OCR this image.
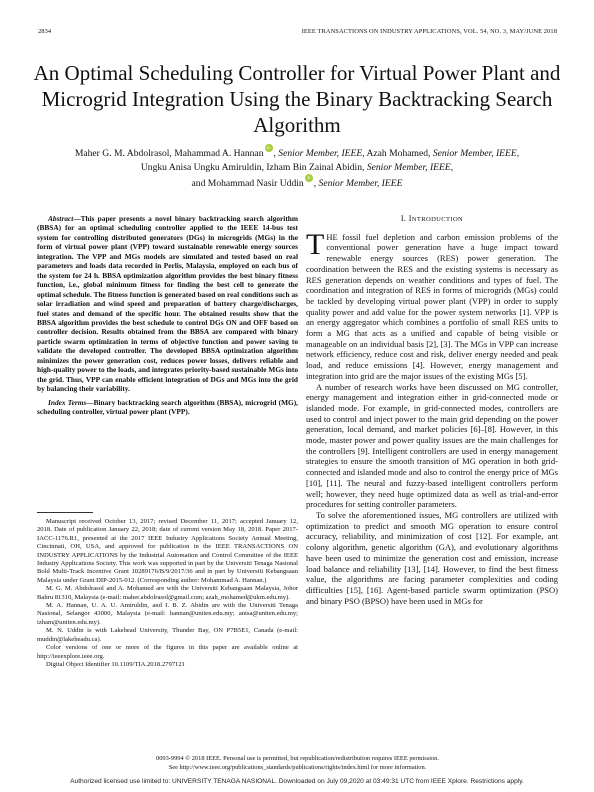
2834	IEEE TRANSACTIONS ON INDUSTRY APPLICATIONS, VOL. 54, NO. 3, MAY/JUNE 2018
An Optimal Scheduling Controller for Virtual Power Plant and Microgrid Integration Using the Binary Backtracking Search Algorithm
Maher G. M. Abdolrasol, Mahammad A. Hannan iD , Senior Member, IEEE, Azah Mohamed, Senior Member, IEEE,
Ungku Anisa Ungku Amiruldin, Izham Bin Zainal Abidin, Senior Member, IEEE,
and Mohammad Nasir Uddin iD , Senior Member, IEEE

Abstract—This paper presents a novel binary backtracking search algorithm (BBSA) for an optimal scheduling controller applied to the IEEE 14-bus test system for controlling distributed generators (DGs) in microgrids (MGs) in the form of virtual power plant (VPP) toward sustainable renewable energy sources integration. The VPP and MGs models are simulated and tested based on real parameters and loads data recorded in Perlis, Malaysia, employed on each bus of the system for 24 h. BBSA optimization algorithm provides the best binary fitness function, i.e., global minimum fitness for finding the best cell to generate the optimal schedule. The fitness function is generated based on real conditions such as solar irradiation and wind speed and preparation of battery charge/discharges, fuel states and demand of the specific hour. The obtained results show that the BBSA algorithm provides the best schedule to control DGs ON and OFF based on controller decision. Results obtained from the BBSA are compared with binary particle swarm optimization in terms of objective function and power saving to validate the developed controller. The developed BBSA optimization algorithm minimizes the power generation cost, reduces power losses, delivers reliable and high-quality power to the loads, and integrates priority-based sustainable MGs into the grid. Thus, VPP can enable efficient integration of DGs and MGs into the grid by balancing their variability.

Index Terms—Binary backtracking search algorithm (BBSA), microgrid (MG), scheduling controller, virtual power plant (VPP).

Manuscript received October 13, 2017; revised December 11, 2017; accepted January 12, 2018. Date of publication January 22, 2018; date of current version May 18, 2018. Paper 2017-IACC-1176.R1, presented at the 2017 IEEE Industry Applications Society Annual Meeting, Cincinnati, OH, USA, and approved for publication in the IEEE TRANSACTIONS ON INDUSTRY APPLICATIONS by the Industrial Automation and Control Committee of the IEEE Industry Applications Society. This work was supported in part by the Universiti Tenaga Nasional Bold Multi-Track Incentive Grant 10289176/B/9/2017/36 and in part by Universiti Kebangsaan Malaysia under Grant DIP-2015-012. (Corresponding author: Mohammad A. Hannan.)

M. G. M. Abdolrasol and A. Mohamed are with the Universiti Kebangsaan Malaysia, Johor Bahru 81310, Malaysia (e-mail: maher.abdolrasol@gmail.com; azah_mohamed@ukm.edu.my).

M. A. Hannan, U. A. U. Amiruldin, and I. B. Z. Abidin are with the Universiti Tenaga Nasional, Selangor 43000, Malaysia (e-mail: hannan@uniten.edu.my; anisa@uniten.edu.my; izham@uniten.edu.my).

M. N. Uddin is with Lakehead University, Thunder Bay, ON P7B5E1, Canada (e-mail: muddin@lakeheadu.ca).

Color versions of one or more of the figures in this paper are available online at http://ieeexplore.ieee.org.

Digital Object Identifier 10.1109/TIA.2018.2797121

I. INTRODUCTION

THE fossil fuel depletion and carbon emission problems of the conventional power generation have a huge impact toward renewable energy sources (RES) power generation. The coordination between the RES and the existing systems is necessary as RES generation depends on weather conditions and types of fuel. The coordination and integration of RES in forms of microgrids (MGs) could be tackled by developing virtual power plant (VPP) in order to supply quality power and add value for the power system networks [1]. VPP is an energy aggregator which combines a portfolio of small RES units to form a MG that acts as a unified and capable of being visible or manageable on an individual basis [2], [3]. The MGs in VPP can increase network efficiency, reduce cost and risk, deliver energy needed and peak load, and reduce emissions [4]. However, energy management and integration into grid are the major issues of the existing MGs [5].

A number of research works have been discussed on MG controller, energy management and integration either in grid-connected mode or islanded mode. For example, in grid-connected modes, controllers are used to control and inject power to the main grid depending on the power generation, local demand, and market policies [6]–[8]. However, in this mode, master power and power quality issues are the main challenges for the controllers [9]. Intelligent controllers are used in energy management strategies to ensure the smooth transition of MG operation in both grid-connected and islanded mode and also to control the energy price of MGs [10], [11]. The neural and fuzzy-based intelligent controllers perform well; however, they need huge optimized data as well as trial-and-error procedures for setting controller parameters.

To solve the aforementioned issues, MG controllers are utilized with optimization to predict and smooth MG operation to ensure control accuracy, reliability, and minimization of cost [12]. For example, ant colony algorithm, genetic algorithm (GA), and evolutionary algorithms have been used to minimize the generation cost and emission, increase load balance and reliability [13], [14]. However, to find the best fitness value, the algorithms are facing parameter complexities and coding difficulties [15], [16]. Agent-based particle swarm optimization (PSO) and binary PSO (BPSO) have been used in MGs for

0093-9994 © 2018 IEEE. Personal use is permitted, but republication/redistribution requires IEEE permission.
See http://www.ieee.org/publications_standards/publications/rights/index.html for more information.
Authorized licensed use limited to: UNIVERSITY TENAGA NASIONAL. Downloaded on July 09,2020 at 03:49:31 UTC from IEEE Xplore. Restrictions apply.
